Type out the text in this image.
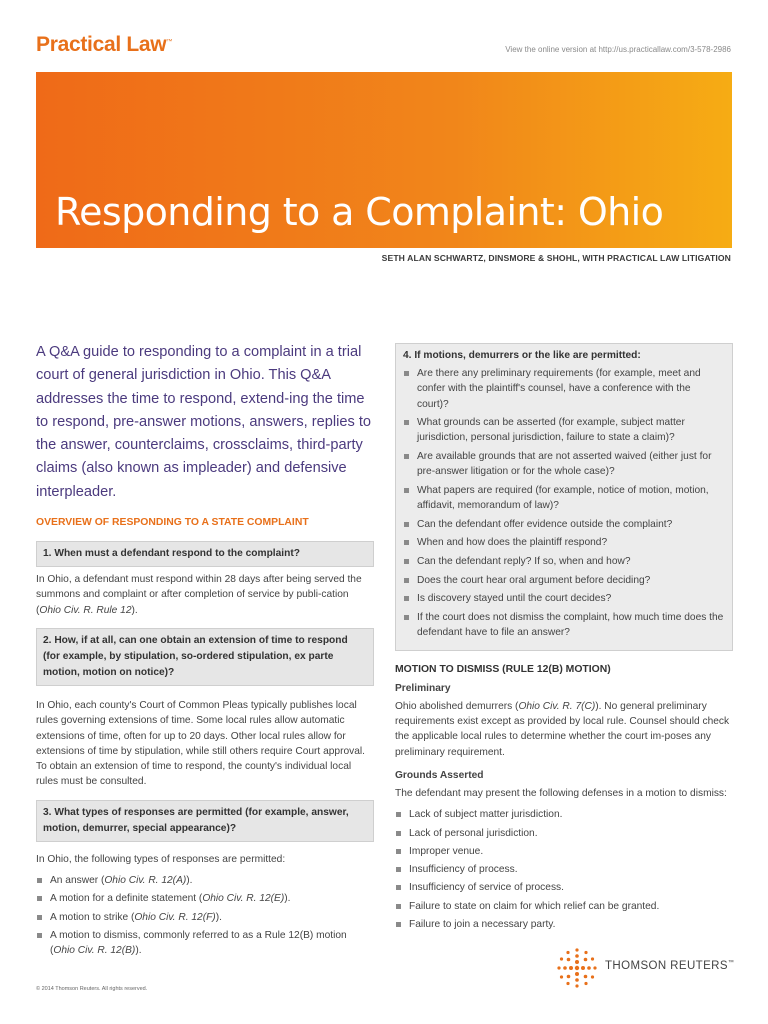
Practical Law™
View the online version at http://us.practicallaw.com/3-578-2986
Responding to a Complaint: Ohio
SETH ALAN SCHWARTZ, DINSMORE & SHOHL, WITH PRACTICAL LAW LITIGATION

A Q&A guide to responding to a complaint in a trial court of general jurisdiction in Ohio. This Q&A addresses the time to respond, extend-ing the time to respond, pre-answer motions, answers, replies to the answer, counterclaims, crossclaims, third-party claims (also known as impleader) and defensive interpleader.

OVERVIEW OF RESPONDING TO A STATE COMPLAINT
1. When must a defendant respond to the complaint?

In Ohio, a defendant must respond within 28 days after being served the summons and complaint or after completion of service by publi-cation (Ohio Civ. R. Rule 12).

2. How, if at all, can one obtain an extension of time to respond (for example, by stipulation, so-ordered stipulation, ex parte motion, motion on notice)?

In Ohio, each county's Court of Common Pleas typically publishes local rules governing extensions of time. Some local rules allow automatic extensions of time, often for up to 20 days. Other local rules allow for extensions of time by stipulation, while still others require Court approval. To obtain an extension of time to respond, the county's individual local rules must be consulted.

3. What types of responses are permitted (for example, answer, motion, demurrer, special appearance)?

In Ohio, the following types of responses are permitted:

An answer (Ohio Civ. R. 12(A)).
A motion for a definite statement (Ohio Civ. R. 12(E)).
A motion to strike (Ohio Civ. R. 12(F)).
A motion to dismiss, commonly referred to as a Rule 12(B) motion (Ohio Civ. R. 12(B)).
4. If motions, demurrers or the like are permitted:
Are there any preliminary requirements (for example, meet and confer with the plaintiff's counsel, have a conference with the court)?
What grounds can be asserted (for example, subject matter jurisdiction, personal jurisdiction, failure to state a claim)?
Are available grounds that are not asserted waived (either just for pre-answer litigation or for the whole case)?
What papers are required (for example, notice of motion, motion, affidavit, memorandum of law)?
Can the defendant offer evidence outside the complaint?
When and how does the plaintiff respond?
Can the defendant reply? If so, when and how?
Does the court hear oral argument before deciding?
Is discovery stayed until the court decides?
If the court does not dismiss the complaint, how much time does the defendant have to file an answer?
MOTION TO DISMISS (RULE 12(B) MOTION)
Preliminary

Ohio abolished demurrers (Ohio Civ. R. 7(C)). No general preliminary requirements exist except as provided by local rule. Counsel should check the applicable local rules to determine whether the court im-poses any preliminary requirement.

Grounds Asserted

The defendant may present the following defenses in a motion to dismiss:

Lack of subject matter jurisdiction.
Lack of personal jurisdiction.
Improper venue.
Insufficiency of process.
Insufficiency of service of process.
Failure to state on claim for which relief can be granted.
Failure to join a necessary party.
© 2014 Thomson Reuters. All rights reserved.
THOMSON REUTERS™
